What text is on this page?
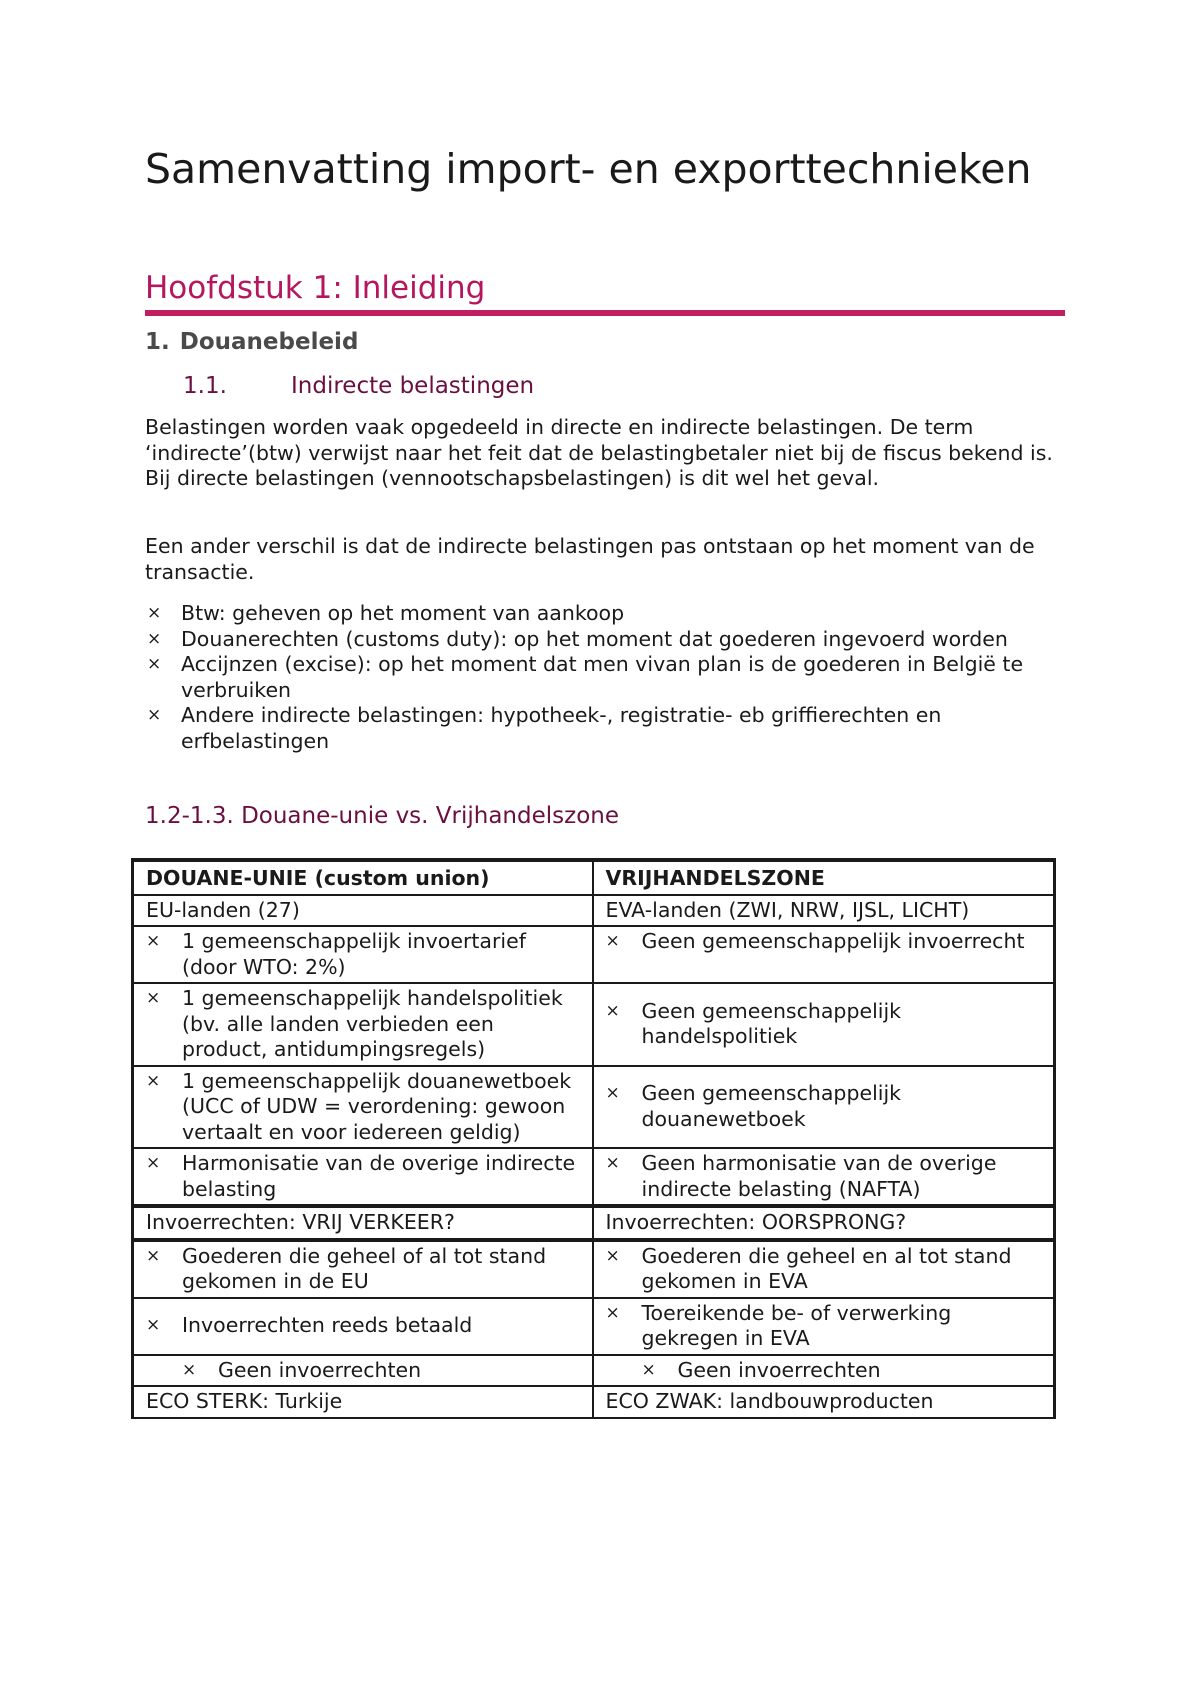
Samenvatting import- en exporttechnieken
Hoofdstuk 1: Inleiding
1. Douanebeleid
1.1.	Indirecte belastingen

Belastingen worden vaak opgedeeld in directe en indirecte belastingen. De term ‘indirecte’(btw) verwijst naar het feit dat de belastingbetaler niet bij de fiscus bekend is. Bij directe belastingen (vennootschapsbelastingen) is dit wel het geval.

Een ander verschil is dat de indirecte belastingen pas ontstaan op het moment van de transactie.

× Btw: geheven op het moment van aankoop
× Douanerechten (customs duty): op het moment dat goederen ingevoerd worden
× Accijnzen (excise): op het moment dat men vivan plan is de goederen in België te verbruiken
× Andere indirecte belastingen: hypotheek-, registratie- eb griffierechten en erfbelastingen
1.2-1.3. Douane-unie vs. Vrijhandelszone
DOUANE-UNIE (custom union)	VRIJHANDELSZONE
EU-landen (27)	EVA-landen (ZWI, NRW, IJSL, LICHT)

× 1 gemeenschappelijk invoertarief (door WTO: 2%)	× Geen gemeenschappelijk invoerrecht

× 1 gemeenschappelijk handelspolitiek (bv. alle landen verbieden een product, antidumpingsregels)	× Geen gemeenschappelijk handelspolitiek

× 1 gemeenschappelijk douanewetboek (UCC of UDW = verordening: gewoon vertaalt en voor iedereen geldig)	× Geen gemeenschappelijk douanewetboek

× Harmonisatie van de overige indirecte belasting	× Geen harmonisatie van de overige indirecte belasting (NAFTA)

Invoerrechten: VRIJ VERKEER?	Invoerrechten: OORSPRONG?

× Goederen die geheel of al tot stand gekomen in de EU	× Goederen die geheel en al tot stand gekomen in EVA

× Invoerrechten reeds betaald	× Toereikende be- of verwerking gekregen in EVA

× Geen invoerrechten	× Geen invoerrechten

ECO STERK: Turkije	ECO ZWAK: landbouwproducten
